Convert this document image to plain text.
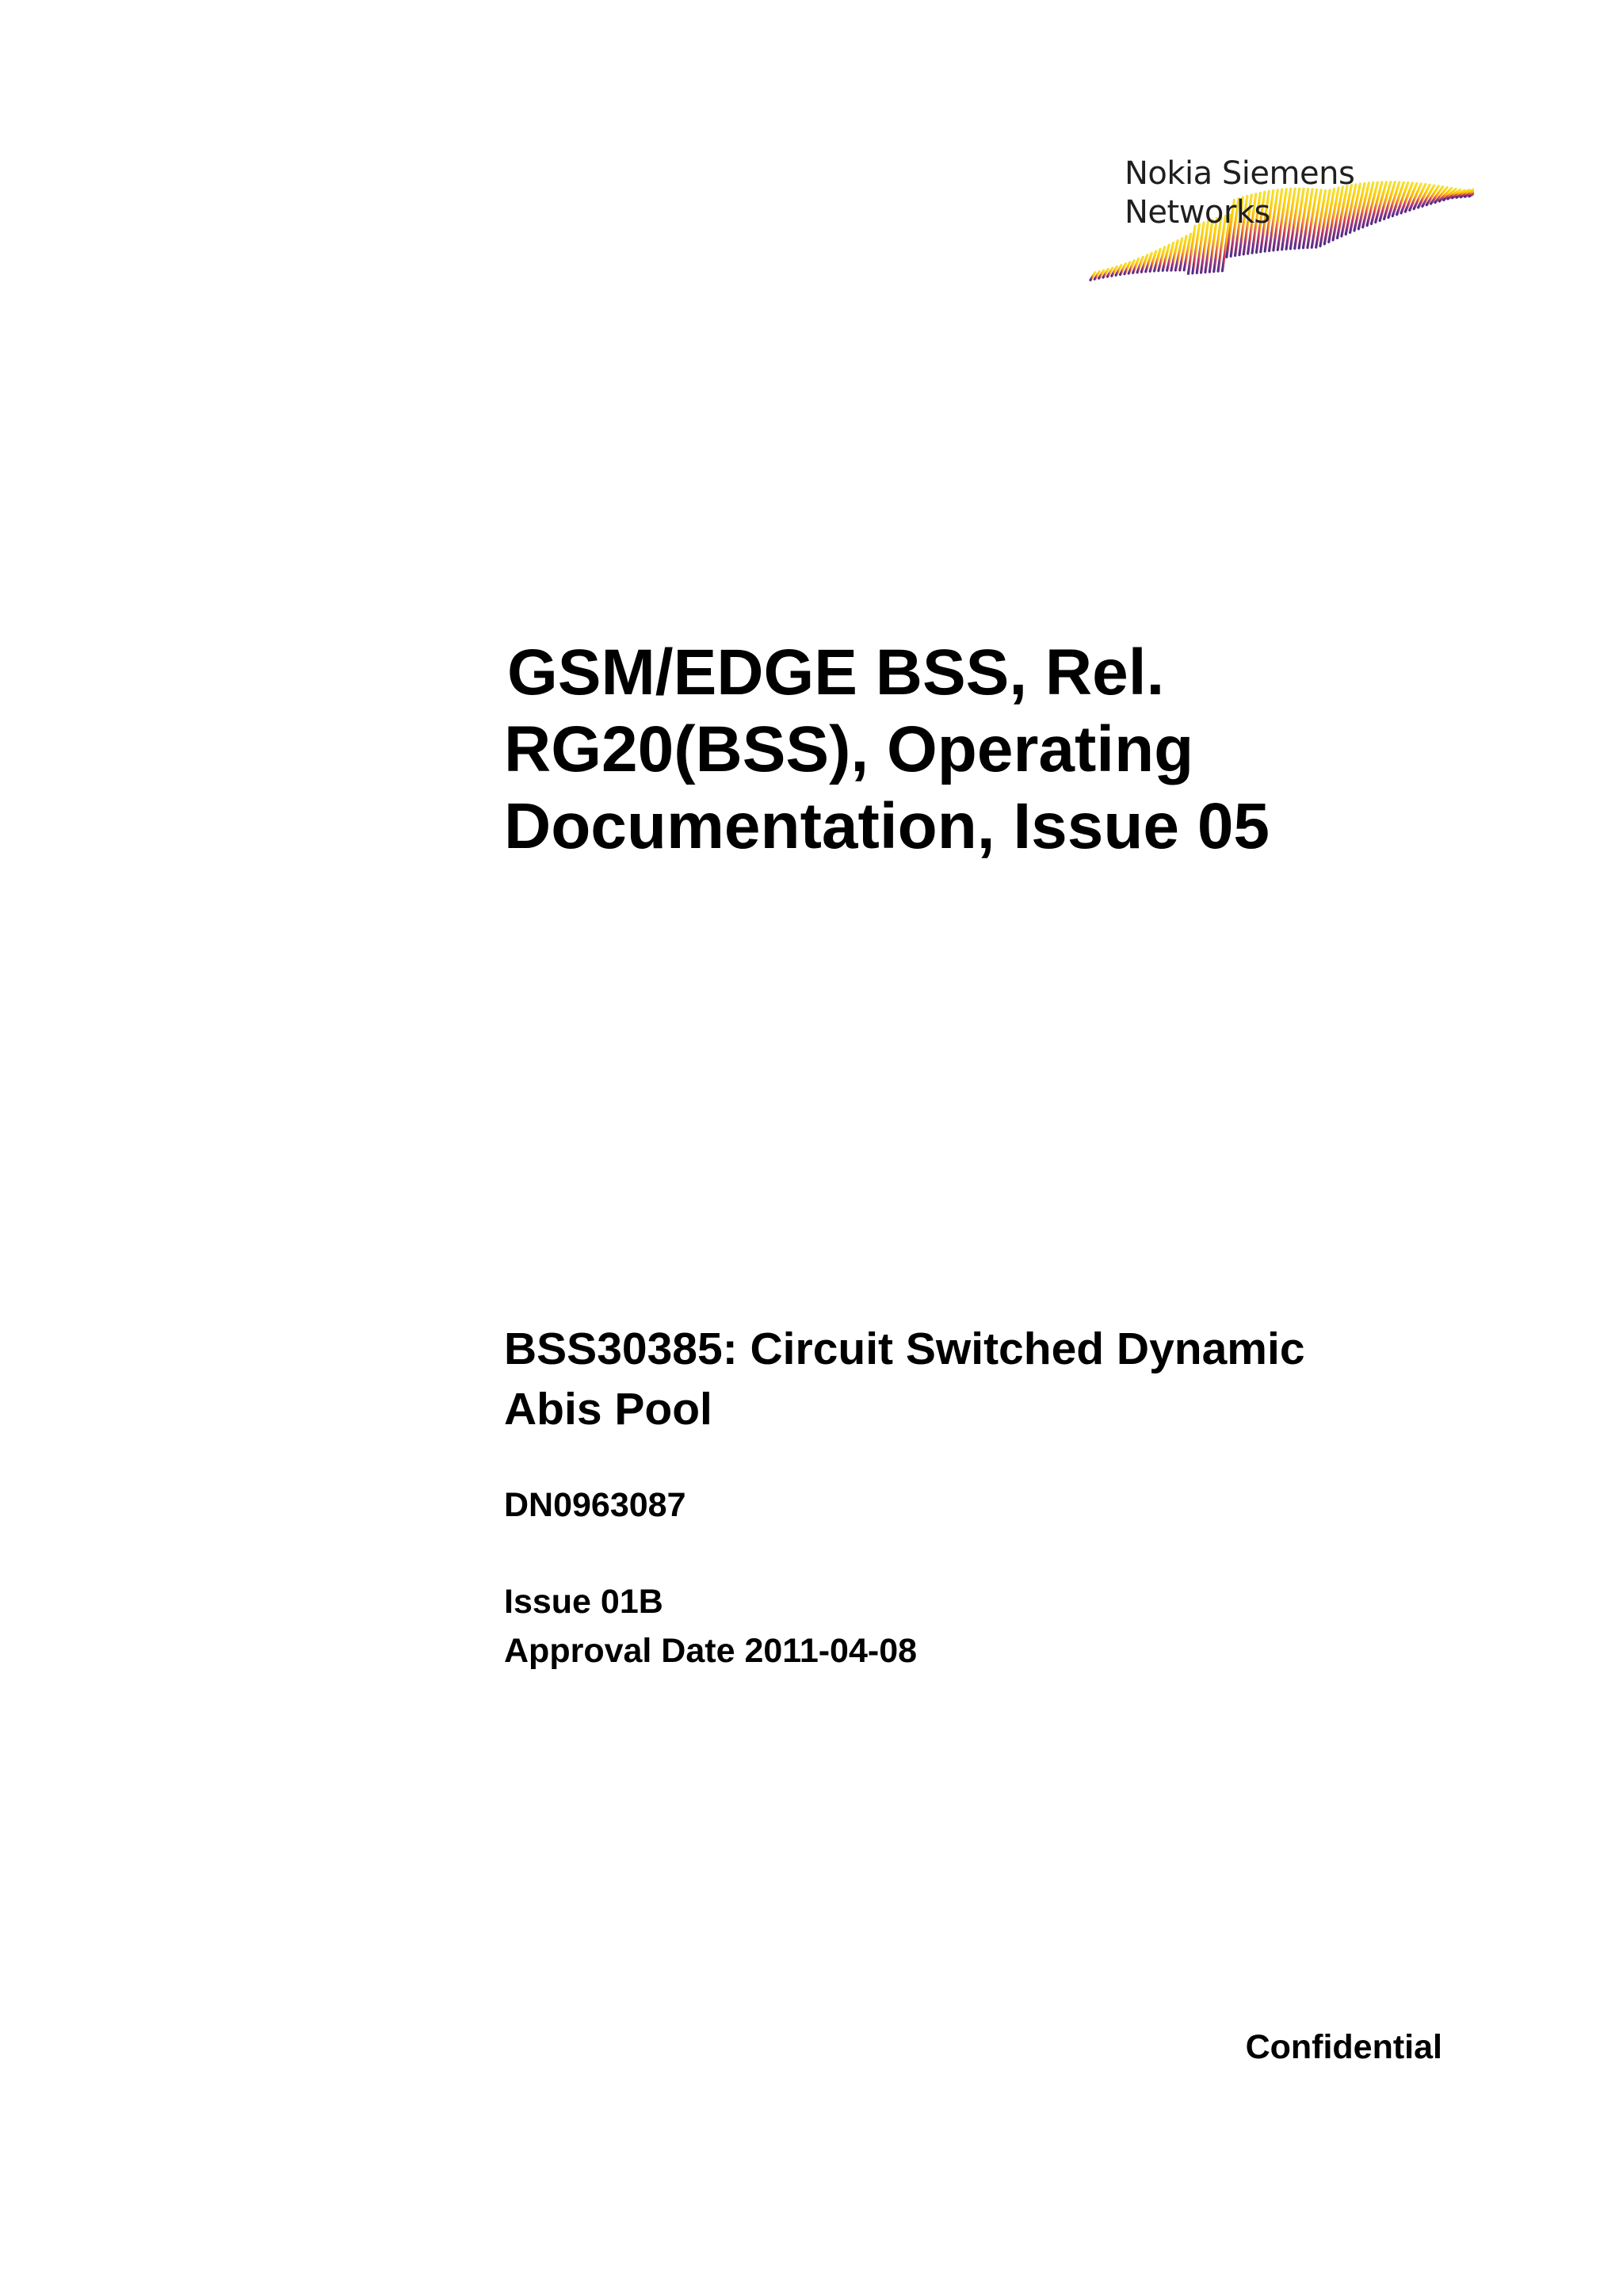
Nokia Siemens
Networks
GSM/EDGE BSS, Rel.
RG20(BSS), Operating
Documentation, Issue 05
BSS30385: Circuit Switched Dynamic
Abis Pool
DN0963087
Issue 01B
Approval Date 2011-04-08
Confidential
